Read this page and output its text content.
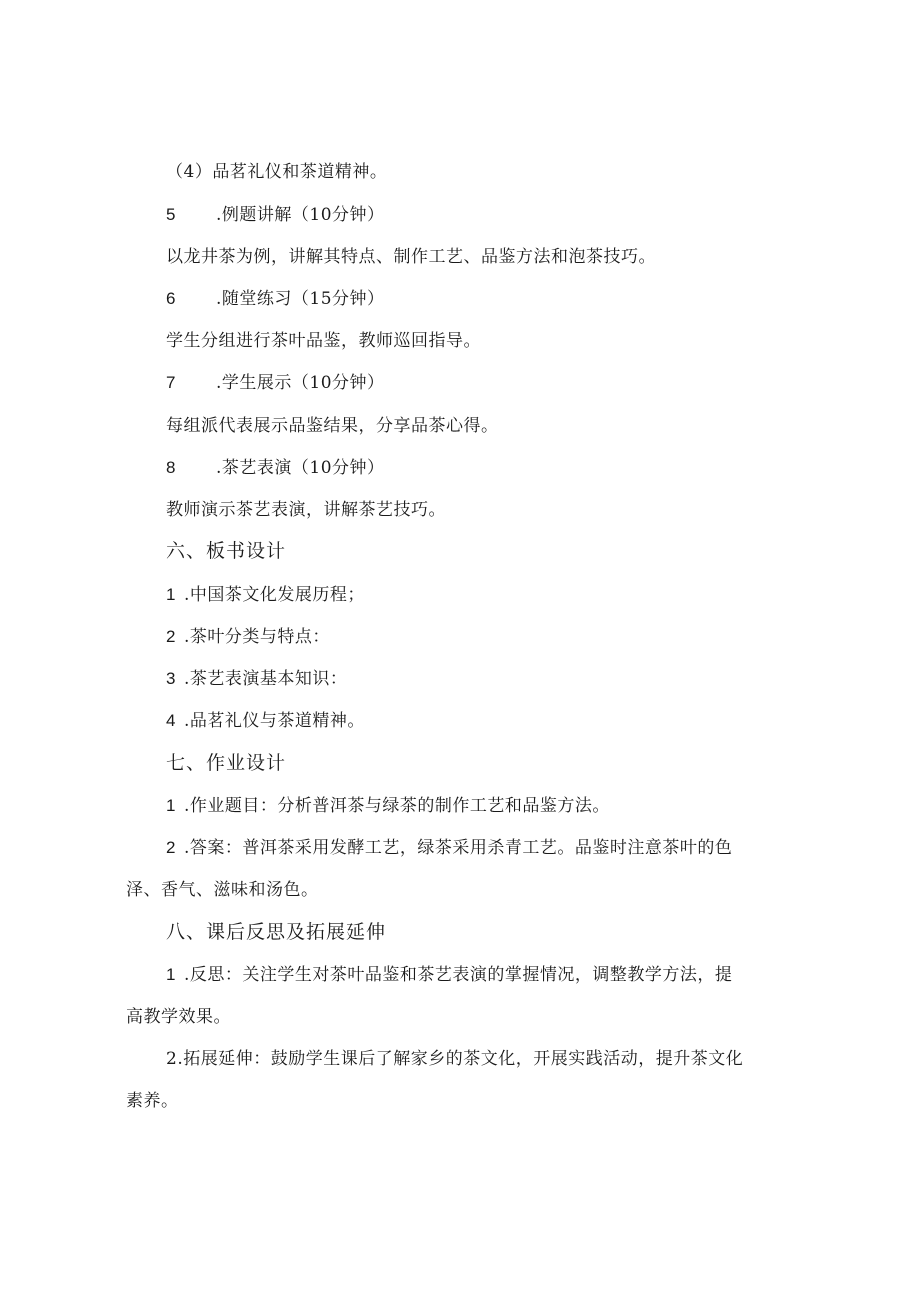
（4）品茗礼仪和茶道精神。
5 .例题讲解（10分钟）
以龙井茶为例，讲解其特点、制作工艺、品鉴方法和泡茶技巧。
6 .随堂练习（15分钟）
学生分组进行茶叶品鉴，教师巡回指导。
7 .学生展示（10分钟）
每组派代表展示品鉴结果，分享品茶心得。
8 .茶艺表演（10分钟）
教师演示茶艺表演，讲解茶艺技巧。
六、板书设计
1 .中国茶文化发展历程；
2 .茶叶分类与特点：
3 .茶艺表演基本知识：
4 .品茗礼仪与茶道精神。
七、作业设计
1 .作业题目：分析普洱茶与绿茶的制作工艺和品鉴方法。
2 .答案：普洱茶采用发酵工艺，绿茶采用杀青工艺。品鉴时注意茶叶的色
泽、香气、滋味和汤色。
八、课后反思及拓展延伸
1 .反思：关注学生对茶叶品鉴和茶艺表演的掌握情况，调整教学方法，提
高教学效果。
2.拓展延伸：鼓励学生课后了解家乡的茶文化，开展实践活动，提升茶文化
素养。
